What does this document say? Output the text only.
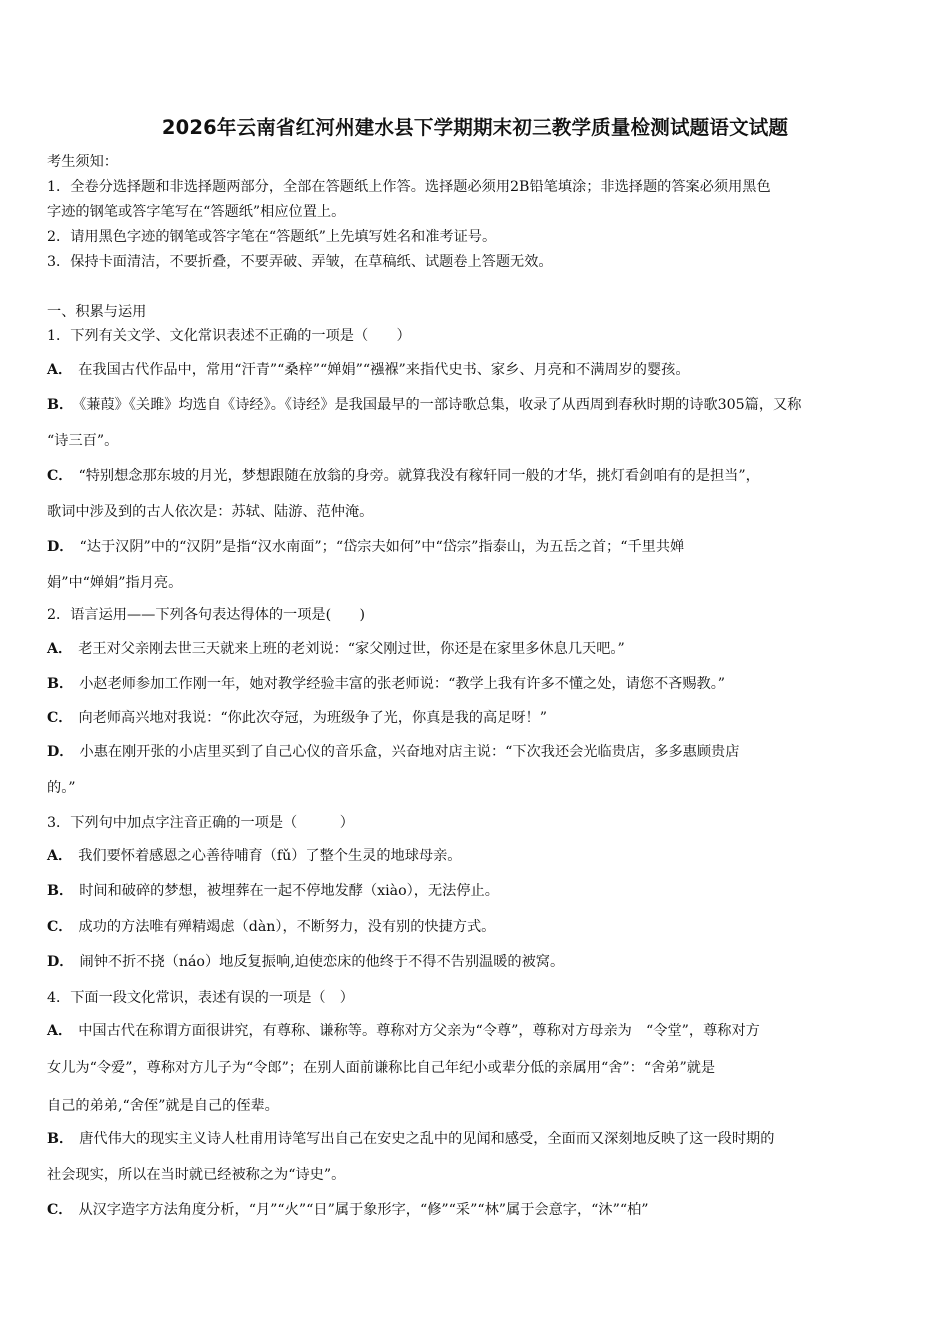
2026年云南省红河州建水县下学期期末初三教学质量检测试题语文试题
考生须知：
1．全卷分选择题和非选择题两部分，全部在答题纸上作答。选择题必须用2B铅笔填涂；非选择题的答案必须用黑色
字迹的钢笔或答字笔写在“答题纸”相应位置上。
2．请用黑色字迹的钢笔或答字笔在“答题纸”上先填写姓名和准考证号。
3．保持卡面清洁，不要折叠，不要弄破、弄皱，在草稿纸、试题卷上答题无效。
一、积累与运用
1．下列有关文学、文化常识表述不正确的一项是（　　）
A． 在我国古代作品中，常用“汗青”“桑梓”“婵娟”“襁褓”来指代史书、家乡、月亮和不满周岁的婴孩。
B． 《蒹葭》《关雎》均选自《诗经》。《诗经》是我国最早的一部诗歌总集，收录了从西周到春秋时期的诗歌305篇，又称
“诗三百”。
C． “特别想念那东坡的月光，梦想跟随在放翁的身旁。就算我没有稼轩同一般的才华，挑灯看剑咱有的是担当”，
歌词中涉及到的古人依次是：苏轼、陆游、范仲淹。
D． “达于汉阴”中的“汉阴”是指“汉水南面”；“岱宗夫如何”中“岱宗”指泰山，为五岳之首；“千里共婵
娟”中“婵娟”指月亮。
2．语言运用——下列各句表达得体的一项是(　　)
A． 老王对父亲刚去世三天就来上班的老刘说：“家父刚过世，你还是在家里多休息几天吧。”
B． 小赵老师参加工作刚一年，她对教学经验丰富的张老师说：“教学上我有许多不懂之处，请您不吝赐教。”
C． 向老师高兴地对我说：“你此次夺冠，为班级争了光，你真是我的高足呀！”
D． 小惠在刚开张的小店里买到了自己心仪的音乐盒，兴奋地对店主说：“下次我还会光临贵店，多多惠顾贵店
的。”
3．下列句中加点字注音正确的一项是（　　　）
A． 我们要怀着感恩之心善待哺育（fǔ）了整个生灵的地球母亲。
B． 时间和破碎的梦想，被埋葬在一起不停地发酵（xiào），无法停止。
C． 成功的方法唯有殚精竭虑（dàn），不断努力，没有别的快捷方式。
D． 闹钟不折不挠（náo）地反复振响,迫使恋床的他终于不得不告别温暖的被窝。
4．下面一段文化常识，表述有误的一项是（　）
A． 中国古代在称谓方面很讲究，有尊称、谦称等。尊称对方父亲为“令尊”，尊称对方母亲为　“令堂”，尊称对方
女儿为“令爱”，尊称对方儿子为“令郎”；在别人面前谦称比自己年纪小或辈分低的亲属用“舍”：“舍弟”就是
自己的弟弟,“舍侄”就是自己的侄辈。
B． 唐代伟大的现实主义诗人杜甫用诗笔写出自己在安史之乱中的见闻和感受，全面而又深刻地反映了这一段时期的
社会现实，所以在当时就已经被称之为“诗史”。
C． 从汉字造字方法角度分析，“月”“火”“日”属于象形字，“修”“采”“林”属于会意字，“沐”“柏”
